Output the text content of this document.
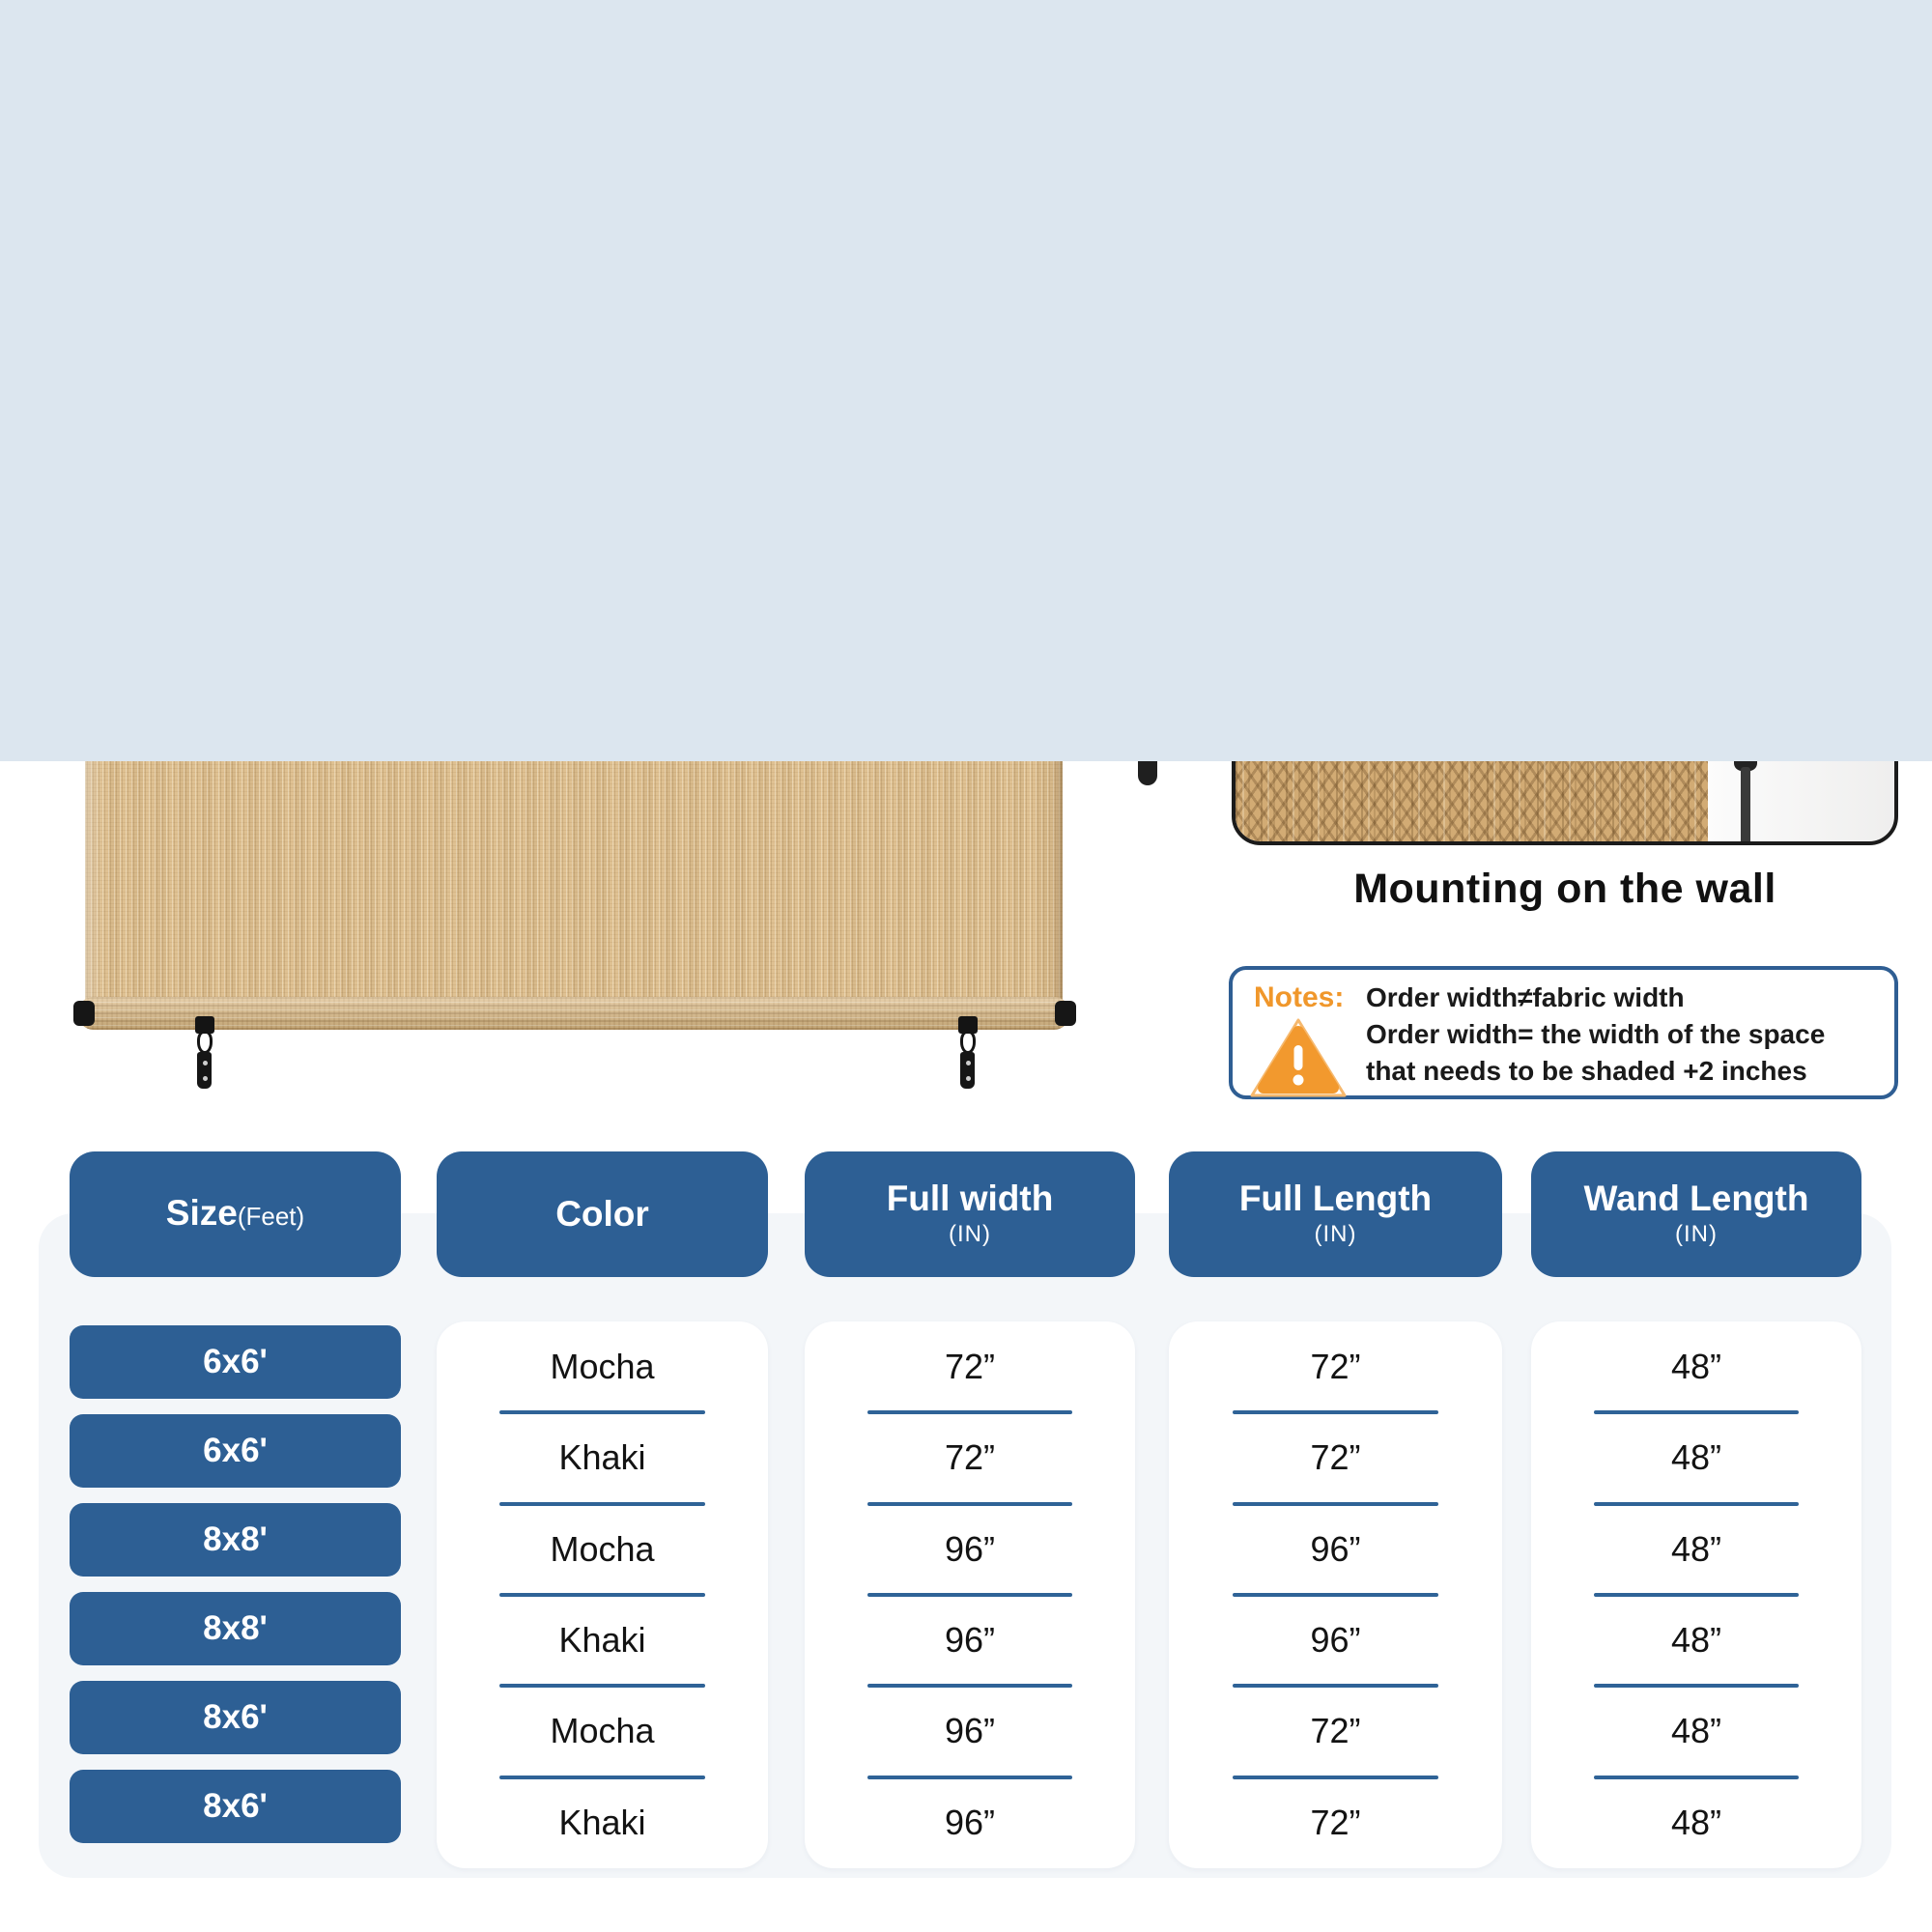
Mounting on the wall
Notes: Order width≠fabric width
Order width= the width of the space
that needs to be shaded +2 inches
Size(Feet)	Color	Full width
(IN)
Full Length
(IN)
Wand Length
(IN)
6x6'
6x6'
8x8'
8x8'
8x6'
8x6'
Mocha
Khaki
Mocha
Khaki
Mocha
Khaki
72”
72”
96”
96”
96”
96”
72”
72”
96”
96”
72”
72”
48”
48”
48”
48”
48”
48”
